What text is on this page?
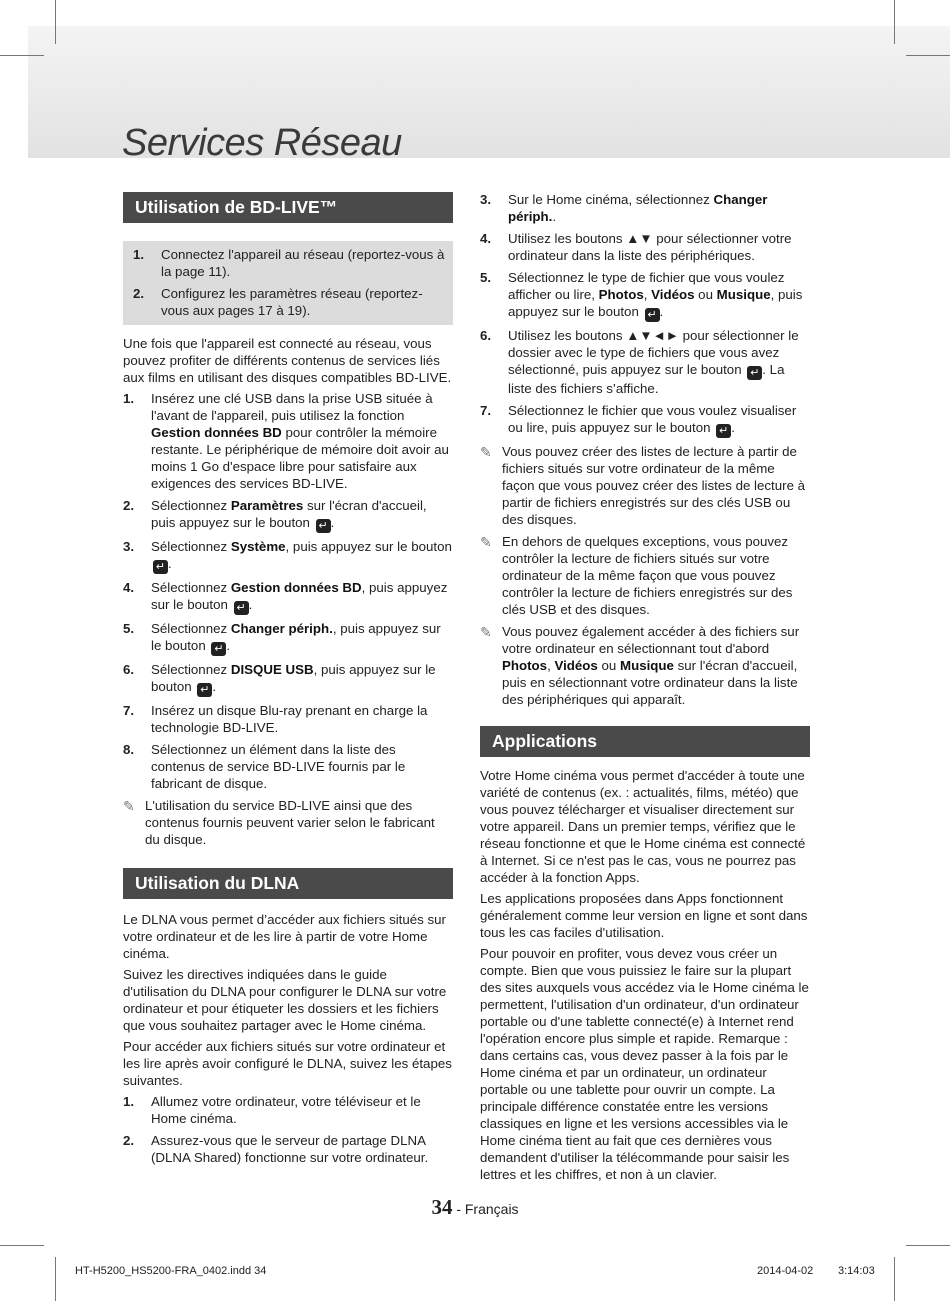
Services Réseau
Utilisation de BD-LIVE™
1. Connectez l'appareil au réseau (reportez-vous à la page 11).
2. Configurez les paramètres réseau (reportez-vous aux pages 17 à 19).

Une fois que l'appareil est connecté au réseau, vous pouvez profiter de différents contenus de services liés aux films en utilisant des disques compatibles BD-LIVE.

1. Insérez une clé USB dans la prise USB située à l'avant de l'appareil, puis utilisez la fonction Gestion données BD pour contrôler la mémoire restante. Le périphérique de mémoire doit avoir au moins 1 Go d'espace libre pour satisfaire aux exigences des services BD-LIVE.
2. Sélectionnez Paramètres sur l'écran d'accueil, puis appuyez sur le bouton ↵ .
3. Sélectionnez Système, puis appuyez sur le bouton ↵ .
4. Sélectionnez Gestion données BD, puis appuyez sur le bouton ↵ .
5. Sélectionnez Changer périph., puis appuyez sur le bouton ↵ .
6. Sélectionnez DISQUE USB, puis appuyez sur le bouton ↵ .
7. Insérez un disque Blu-ray prenant en charge la technologie BD-LIVE.
8. Sélectionnez un élément dans la liste des contenus de service BD-LIVE fournis par le fabricant de disque.
✎ L'utilisation du service BD-LIVE ainsi que des contenus fournis peuvent varier selon le fabricant du disque.
Utilisation du DLNA

Le DLNA vous permet d’accéder aux fichiers situés sur votre ordinateur et de les lire à partir de votre Home cinéma.

Suivez les directives indiquées dans le guide d'utilisation du DLNA pour configurer le DLNA sur votre ordinateur et pour étiqueter les dossiers et les fichiers que vous souhaitez partager avec le Home cinéma.

Pour accéder aux fichiers situés sur votre ordinateur et les lire après avoir configuré le DLNA, suivez les étapes suivantes.

1. Allumez votre ordinateur, votre téléviseur et le Home cinéma.
2. Assurez-vous que le serveur de partage DLNA (DLNA Shared) fonctionne sur votre ordinateur.
3. Sur le Home cinéma, sélectionnez Changer périph..
4. Utilisez les boutons ▲▼ pour sélectionner votre ordinateur dans la liste des périphériques.
5. Sélectionnez le type de fichier que vous voulez afficher ou lire, Photos, Vidéos ou Musique, puis appuyez sur le bouton ↵ .
6. Utilisez les boutons ▲▼◄► pour sélectionner le dossier avec le type de fichiers que vous avez sélectionné, puis appuyez sur le bouton ↵ . La liste des fichiers s’affiche.
7. Sélectionnez le fichier que vous voulez visualiser ou lire, puis appuyez sur le bouton ↵ .
✎ Vous pouvez créer des listes de lecture à partir de fichiers situés sur votre ordinateur de la même façon que vous pouvez créer des listes de lecture à partir de fichiers enregistrés sur des clés USB ou des disques.
✎ En dehors de quelques exceptions, vous pouvez contrôler la lecture de fichiers situés sur votre ordinateur de la même façon que vous pouvez contrôler la lecture de fichiers enregistrés sur des clés USB et des disques.
✎ Vous pouvez également accéder à des fichiers sur votre ordinateur en sélectionnant tout d'abord Photos, Vidéos ou Musique sur l'écran d'accueil, puis en sélectionnant votre ordinateur dans la liste des périphériques qui apparaît.
Applications

Votre Home cinéma vous permet d'accéder à toute une variété de contenus (ex. : actualités, films, météo) que vous pouvez télécharger et visualiser directement sur votre appareil. Dans un premier temps, vérifiez que le réseau fonctionne et que le Home cinéma est connecté à Internet. Si ce n'est pas le cas, vous ne pourrez pas accéder à la fonction Apps.

Les applications proposées dans Apps fonctionnent généralement comme leur version en ligne et sont dans tous les cas faciles d'utilisation.

Pour pouvoir en profiter, vous devez vous créer un compte. Bien que vous puissiez le faire sur la plupart des sites auxquels vous accédez via le Home cinéma le permettent, l'utilisation d'un ordinateur, d'un ordinateur portable ou d'une tablette connecté(e) à Internet rend l'opération encore plus simple et rapide. Remarque : dans certains cas, vous devez passer à la fois par le Home cinéma et par un ordinateur, un ordinateur portable ou une tablette pour ouvrir un compte. La principale différence constatée entre les versions classiques en ligne et les versions accessibles via le Home cinéma tient au fait que ces dernières vous demandent d'utiliser la télécommande pour saisir les lettres et les chiffres, et non à un clavier.

34 - Français
HT-H5200_HS5200-FRA_0402.indd 34	2014-04-02 3:14:03
